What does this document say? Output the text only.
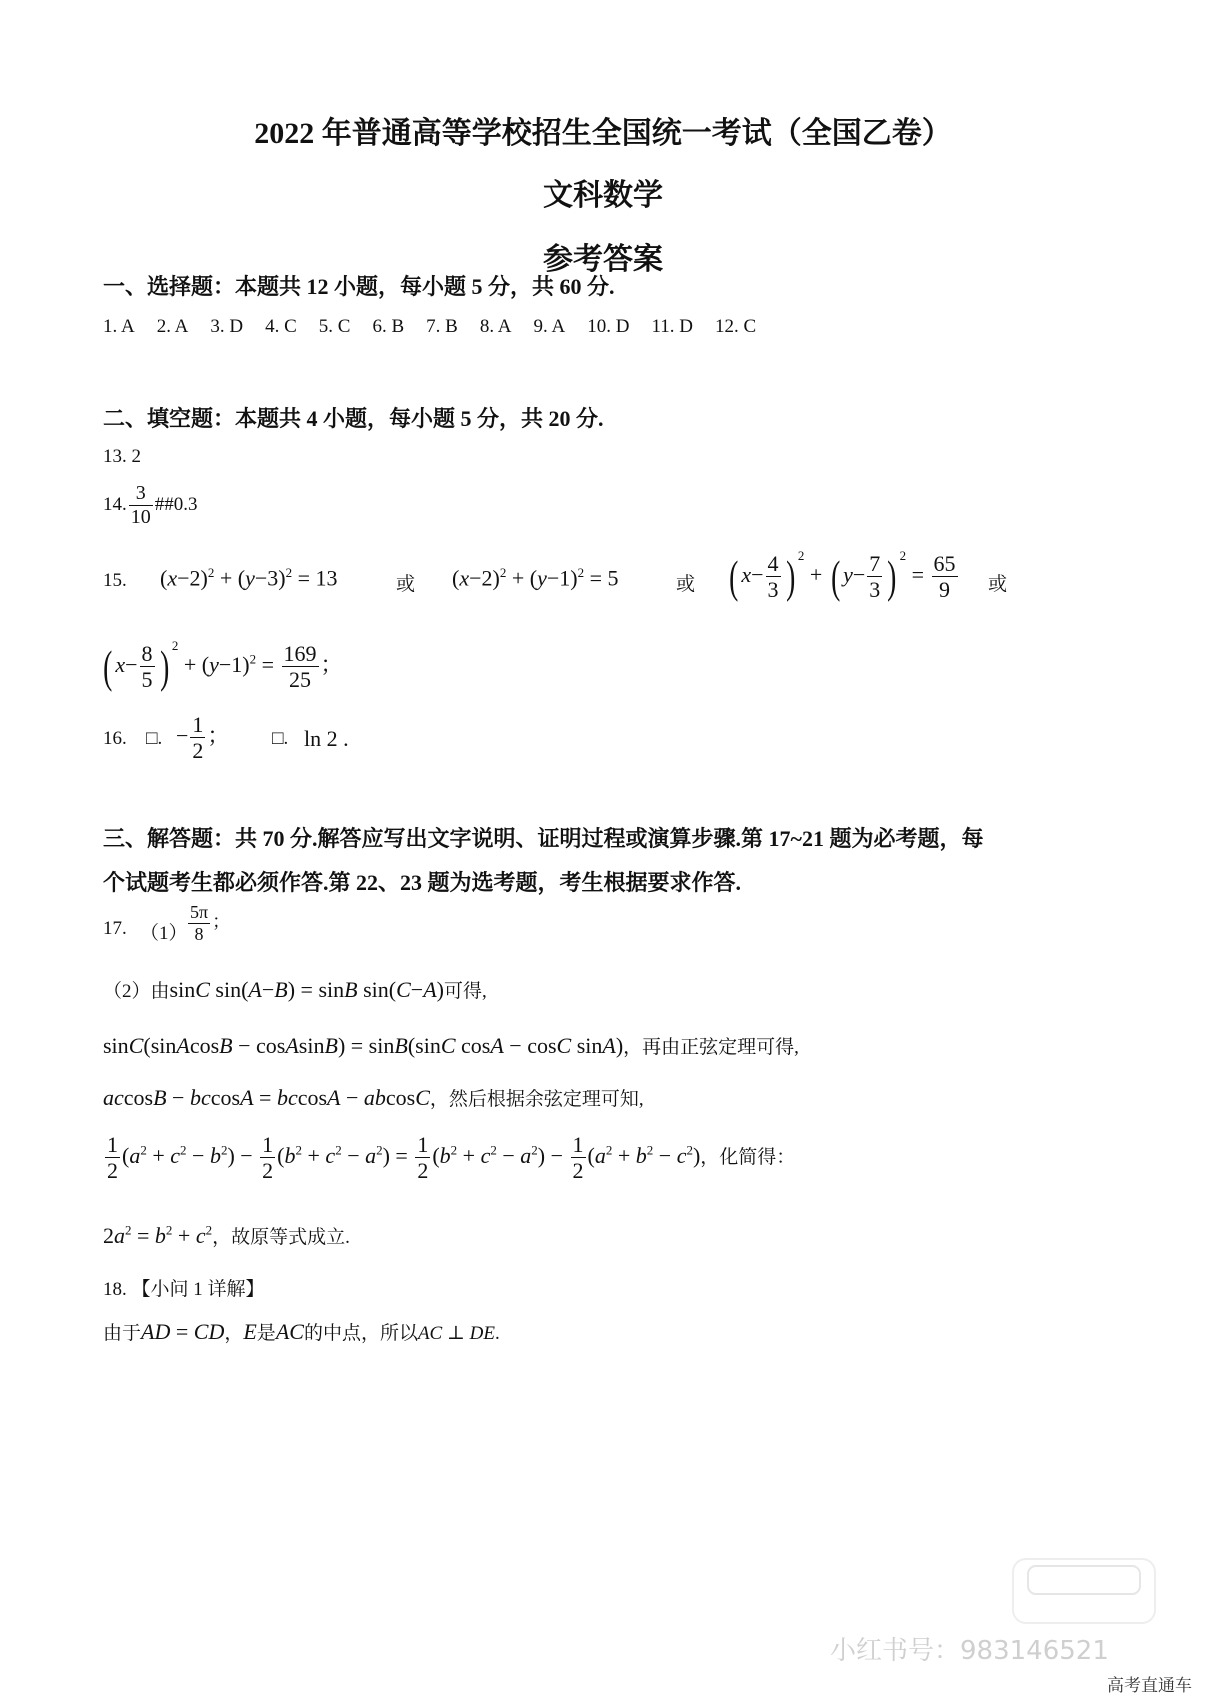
2022 年普通高等学校招生全国统一考试（全国乙卷）
文科数学
参考答案
一、选择题：本题共 12 小题，每小题 5 分，共 60 分.
1. A 2. A 3. D 4. C 5. C 6. B 7. B 8. A 9. A 10. D 11. D 12. C
二、填空题：本题共 4 小题，每小题 5 分，共 20 分.
13. 2
14. $\frac{3}{10}$ ##0.3
15. $(x-2)^2 + (y-3)^2 = 13$	或 $(x-2)^2 + (y-1)^2 = 5$	或 ( $x- \frac{4}{3}$ ) $^2$ + ( $y- \frac{7}{3}$ ) $^2 = \frac{65}{9}$ 或
( $x- \frac{8}{5}$ ) $^2 + (y-1)^2 = \frac{169}{25}$ ；
16. □. − $\frac{1}{2}$ ； □. ln 2 .
三、解答题：共 70 分.解答应写出文字说明、证明过程或演算步骤.第 17~21 题为必考题，每
个试题考生都必须作答.第 22、23 题为选考题，考生根据要求作答.
17. $(1) \frac{5\pi}{8}$ ；
（2）由sinC sin(A−B) = sinB sin(C−A)可得,
sinC(sinAcosB − cosAsinB) = sinB(sinC cosA − cosC sinA)，再由正弦定理可得,
accosB − bccosA = bccosA − abcosC，然后根据余弦定理可知,
$\frac{1}{2} (a^2 + c^2 - b^2) - \frac{1}{2} (b^2 + c^2 - a^2) = \frac{1}{2} (b^2 + c^2 - a^2) - \frac{1}{2} (a^2 + b^2 - c^2)$，化简得：
$2a^2 = b^2 + c^2$，故原等式成立.
18. 【小问 1 详解】
由于AD = CD，E是AC的中点，所以AC ⊥ DE.
小红书号：983146521
高考直通车
